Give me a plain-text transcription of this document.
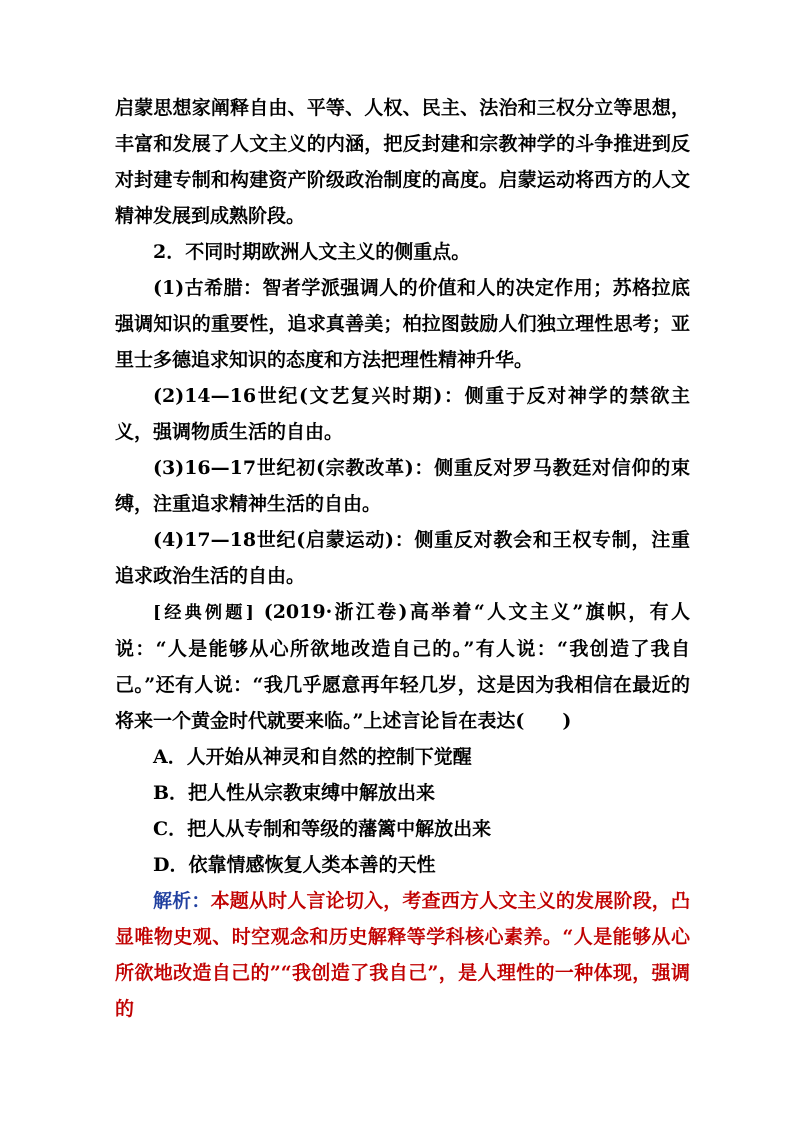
启蒙思想家阐释自由、平等、人权、民主、法治和三权分立等思想，丰富和发展了人文主义的内涵，把反封建和宗教神学的斗争推进到反对封建专制和构建资产阶级政治制度的高度。启蒙运动将西方的人文精神发展到成熟阶段。

2．不同时期欧洲人文主义的侧重点。

(1)古希腊：智者学派强调人的价值和人的决定作用；苏格拉底强调知识的重要性，追求真善美；柏拉图鼓励人们独立理性思考；亚里士多德追求知识的态度和方法把理性精神升华。

(2)14—16世纪(文艺复兴时期)：侧重于反对神学的禁欲主义，强调物质生活的自由。

(3)16—17世纪初(宗教改革)：侧重反对罗马教廷对信仰的束缚，注重追求精神生活的自由。

(4)17—18世纪(启蒙运动)：侧重反对教会和王权专制，注重追求政治生活的自由。

[经典例题] (2019·浙江卷)高举着“人文主义”旗帜，有人说：“人是能够从心所欲地改造自己的。”有人说：“我创造了我自己。”还有人说：“我几乎愿意再年轻几岁，这是因为我相信在最近的将来一个黄金时代就要来临。”上述言论旨在表达(　　)

A．人开始从神灵和自然的控制下觉醒

B．把人性从宗教束缚中解放出来

C．把人从专制和等级的藩篱中解放出来

D．依靠情感恢复人类本善的天性

解析：本题从时人言论切入，考查西方人文主义的发展阶段，凸显唯物史观、时空观念和历史解释等学科核心素养。“人是能够从心所欲地改造自己的”“我创造了我自己”，是人理性的一种体现，强调的
